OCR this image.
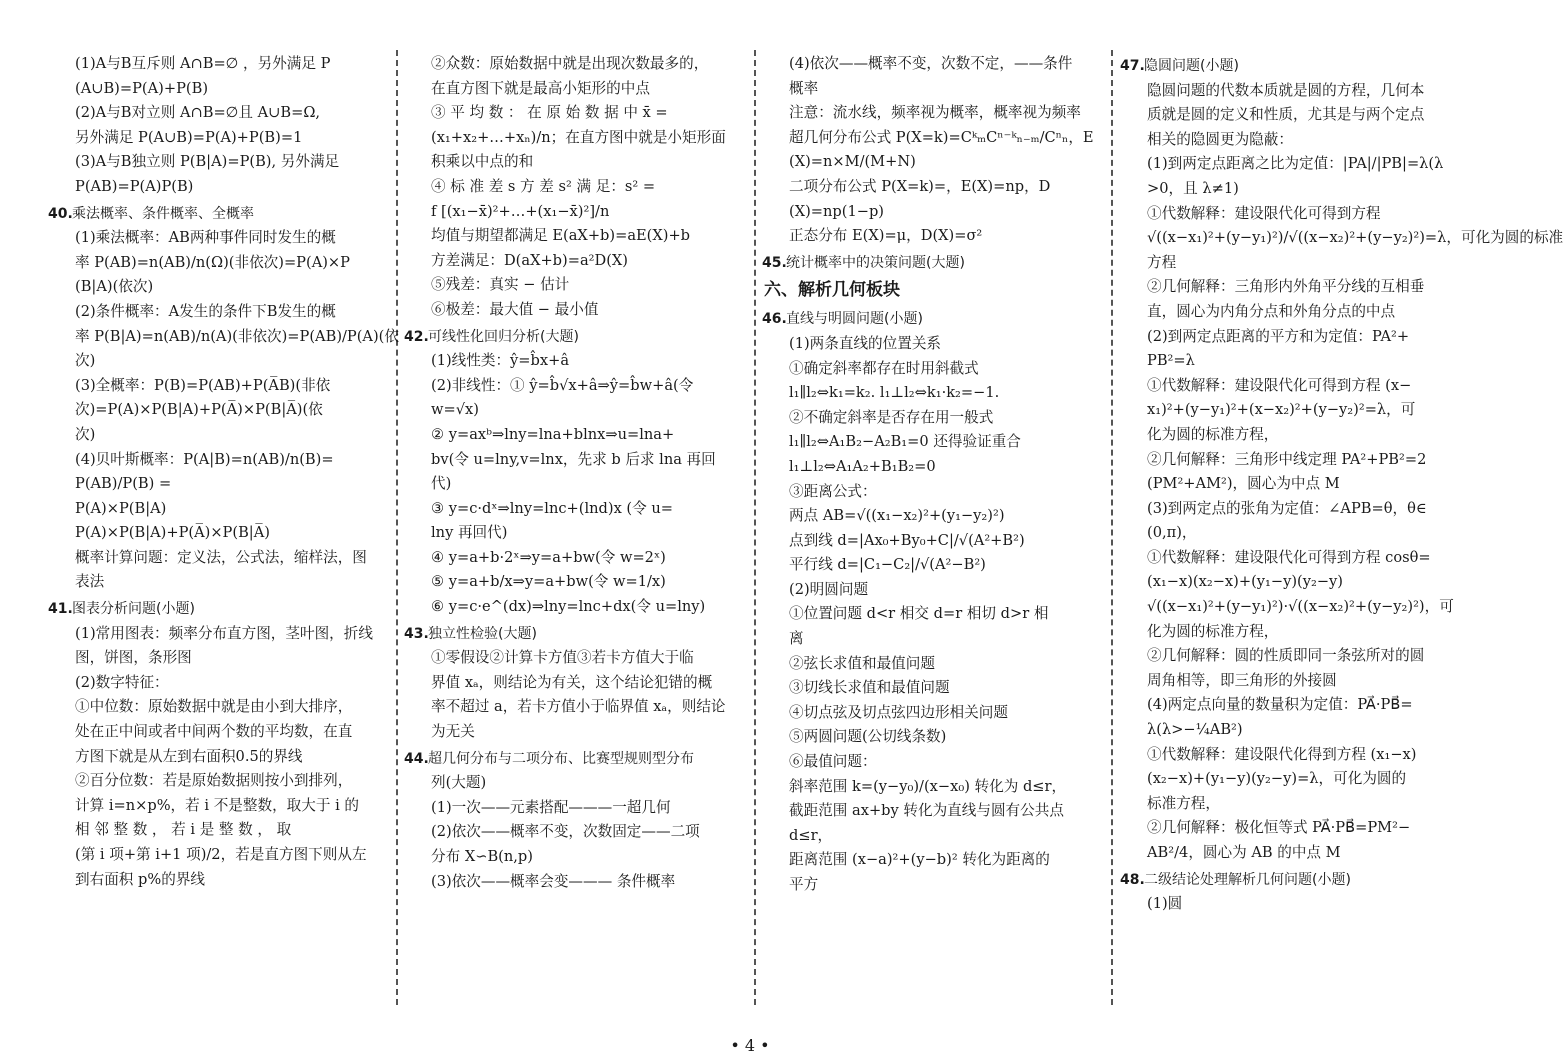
(1)A与B互斥则 A∩B=∅ ，另外满足 P
(A∪B)=P(A)+P(B)
(2)A与B对立则 A∩B=∅且 A∪B=Ω,
另外满足 P(A∪B)=P(A)+P(B)=1
(3)A与B独立则 P(B|A)=P(B), 另外满足
P(AB)=P(A)P(B)
40.乘法概率、条件概率、全概率
(1)乘法概率：AB两种事件同时发生的概
率 P(AB)=n(AB)/n(Ω)(非依次)=P(A)×P
(B|A)(依次)
(2)条件概率：A发生的条件下B发生的概
率 P(B|A)=n(AB)/n(A)(非依次)=P(AB)/P(A)(依
次)
(3)全概率：P(B)=P(AB)+P(A̅B)(非依
次)=P(A)×P(B|A)+P(A̅)×P(B|A̅)(依
次)
(4)贝叶斯概率：P(A|B)=n(AB)/n(B)=
P(AB)/P(B) =
P(A)×P(B|A)
P(A)×P(B|A)+P(A̅)×P(B|A̅)
概率计算问题：定义法，公式法，缩样法，图
表法
41.图表分析问题(小题)
(1)常用图表：频率分布直方图，茎叶图，折线
图，饼图，条形图
(2)数字特征：
①中位数：原始数据中就是由小到大排序，
处在正中间或者中间两个数的平均数，在直
方图下就是从左到右面积0.5的界线
②百分位数：若是原始数据则按小到排列，
计算 i=n×p%，若 i 不是整数，取大于 i 的
相 邻 整 数 ， 若 i 是 整 数 ， 取
(第 i 项+第 i+1 项)/2，若是直方图下则从左
到右面积 p%的界线
②众数：原始数据中就是出现次数最多的，
在直方图下就是最高小矩形的中点
③ 平 均 数 ： 在 原 始 数 据 中 x̄ =
(x₁+x₂+…+xₙ)/n；在直方图中就是小矩形面
积乘以中点的和
④ 标 准 差 s 方 差 s² 满 足：s² =
f [(x₁−x̄)²+…+(x₁−x̄)²]/n
均值与期望都满足 E(aX+b)=aE(X)+b
方差满足：D(aX+b)=a²D(X)
⑤残差：真实 − 估计
⑥极差：最大值 − 最小值
42.可线性化回归分析(大题)
(1)线性类：ŷ=b̂x+â
(2)非线性：① ŷ=b̂√x+â⇒ŷ=b̂w+â(令
w=√x)
② y=axᵇ⇒lny=lna+blnx⇒u=lna+
bv(令 u=lny,v=lnx，先求 b 后求 lna 再回
代)
③ y=c·dˣ⇒lny=lnc+(lnd)x (令 u=
lny 再回代)
④ y=a+b·2ˣ⇒y=a+bw(令 w=2ˣ)
⑤ y=a+b/x⇒y=a+bw(令 w=1/x)
⑥ y=c·e^(dx)⇒lny=lnc+dx(令 u=lny)
43.独立性检验(大题)
①零假设②计算卡方值③若卡方值大于临
界值 xₐ，则结论为有关，这个结论犯错的概
率不超过 a，若卡方值小于临界值 xₐ，则结论
为无关
44.超几何分布与二项分布、比赛型规则型分布
列(大题)
(1)一次——元素搭配———一超几何
(2)依次——概率不变，次数固定——二项
分布 X∽B(n,p)
(3)依次——概率会变——— 条件概率
(4)依次——概率不变，次数不定，——条件
概率
注意：流水线，频率视为概率，概率视为频率
超几何分布公式 P(X=k)=CᵏₘCⁿ⁻ᵏₙ₋ₘ/Cⁿₙ，E
(X)=n×M/(M+N)
二项分布公式 P(X=k)=，E(X)=np，D
(X)=np(1−p)
正态分布 E(X)=μ，D(X)=σ²
45.统计概率中的决策问题(大题)
六、解析几何板块
46.直线与明圆问题(小题)
(1)两条直线的位置关系
①确定斜率都存在时用斜截式
l₁∥l₂⇔k₁=k₂. l₁⊥l₂⇔k₁·k₂=−1.
②不确定斜率是否存在用一般式
l₁∥l₂⇔A₁B₂−A₂B₁=0 还得验证重合
l₁⊥l₂⇔A₁A₂+B₁B₂=0
③距离公式：
两点 AB=√((x₁−x₂)²+(y₁−y₂)²)
点到线 d=|Ax₀+By₀+C|/√(A²+B²)
平行线 d=|C₁−C₂|/√(A²−B²)
(2)明圆问题
①位置问题 d<r 相交 d=r 相切 d>r 相
离
②弦长求值和最值问题
③切线长求值和最值问题
④切点弦及切点弦四边形相关问题
⑤两圆问题(公切线条数)
⑥最值问题：
斜率范围 k=(y−y₀)/(x−x₀) 转化为 d≤r，
截距范围 ax+by 转化为直线与圆有公共点
d≤r，
距离范围 (x−a)²+(y−b)² 转化为距离的
平方
47.隐圆问题(小题)
隐圆问题的代数本质就是圆的方程，几何本
质就是圆的定义和性质，尤其是与两个定点
相关的隐圆更为隐蔽：
(1)到两定点距离之比为定值：|PA|/|PB|=λ(λ
>0，且 λ≠1)
①代数解释：建设限代化可得到方程
√((x−x₁)²+(y−y₁)²)/√((x−x₂)²+(y−y₂)²)=λ，可化为圆的标准
方程
②几何解释：三角形内外角平分线的互相垂
直，圆心为内角分点和外角分点的中点
(2)到两定点距离的平方和为定值：PA²+
PB²=λ
①代数解释：建设限代化可得到方程 (x−
x₁)²+(y−y₁)²+(x−x₂)²+(y−y₂)²=λ，可
化为圆的标准方程，
②几何解释：三角形中线定理 PA²+PB²=2
(PM²+AM²)，圆心为中点 M
(3)到两定点的张角为定值：∠APB=θ，θ∈
(0,π)，
①代数解释：建设限代化可得到方程 cosθ=
(x₁−x)(x₂−x)+(y₁−y)(y₂−y)
√((x−x₁)²+(y−y₁)²)·√((x−x₂)²+(y−y₂)²)，可
化为圆的标准方程，
②几何解释：圆的性质即同一条弦所对的圆
周角相等，即三角形的外接圆
(4)两定点向量的数量积为定值：PA⃗·PB⃗=
λ(λ>−¼AB²)
①代数解释：建设限代化得到方程 (x₁−x)
(x₂−x)+(y₁−y)(y₂−y)=λ，可化为圆的
标准方程，
②几何解释：极化恒等式 PA⃗·PB⃗=PM²−
AB²/4，圆心为 AB 的中点 M
48.二级结论处理解析几何问题(小题)
(1)圆
• 4 •
